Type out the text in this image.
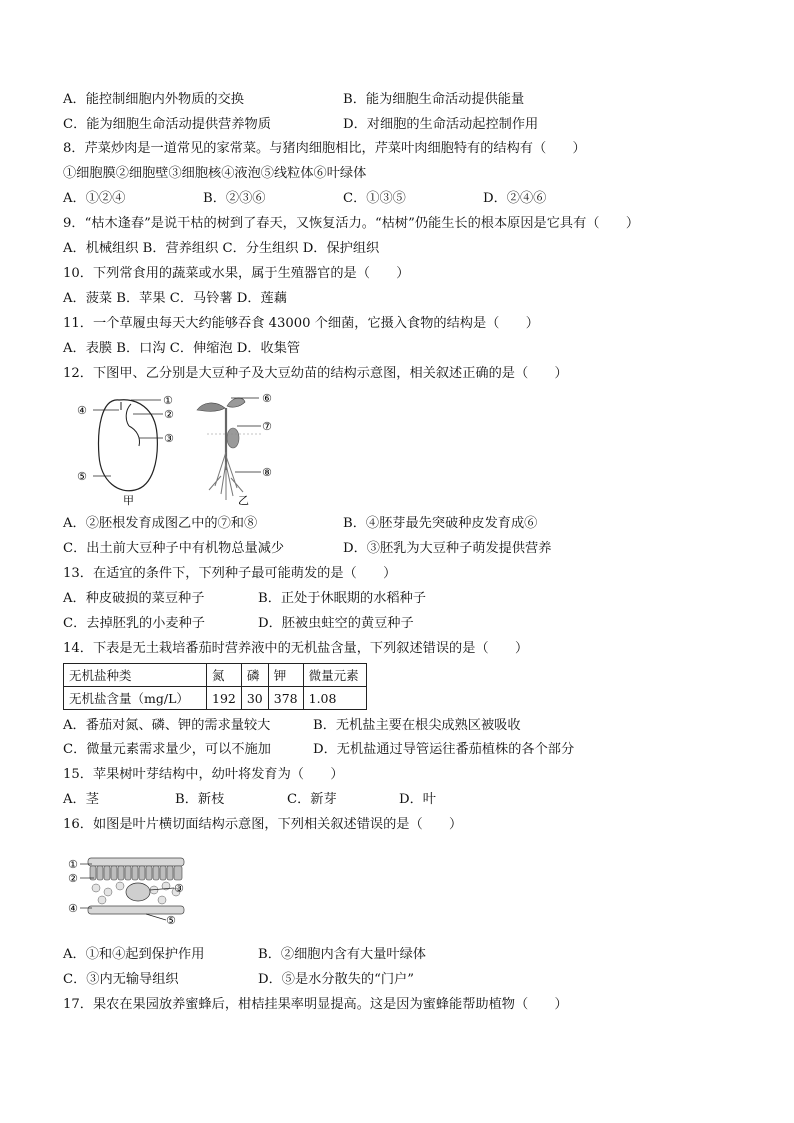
A．能控制细胞内外物质的交换	B．能为细胞生命活动提供能量
C．能为细胞生命活动提供营养物质	D．对细胞的生命活动起控制作用
8．芹菜炒肉是一道常见的家常菜。与猪肉细胞相比，芹菜叶肉细胞特有的结构有（　　）
①细胞膜②细胞壁③细胞核④液泡⑤线粒体⑥叶绿体
A．①②④	B．②③⑥	C．①③⑤	D．②④⑥
9．“枯木逢春”是说干枯的树到了春天，又恢复活力。“枯树”仍能生长的根本原因是它具有（　　）
A．机械组织 B．营养组织 C．分生组织 D．保护组织
10．下列常食用的蔬菜或水果，属于生殖器官的是（　　）
A．菠菜 B．苹果 C．马铃薯 D．莲藕
11．一个草履虫每天大约能够吞食 43000 个细菌，它摄入食物的结构是（　　）
A．表膜 B．口沟 C．伸缩泡 D．收集管
12．下图甲、乙分别是大豆种子及大豆幼苗的结构示意图，相关叙述正确的是（　　）
④
①
②
③
⑤
甲
⑥
⑦
⑧
乙
A．②胚根发育成图乙中的⑦和⑧	B．④胚芽最先突破种皮发育成⑥
C．出土前大豆种子中有机物总量减少	D．③胚乳为大豆种子萌发提供营养
13．在适宜的条件下，下列种子最可能萌发的是（　　）
A．种皮破损的菜豆种子	B．正处于休眠期的水稻种子
C．去掉胚乳的小麦种子	D．胚被虫蛀空的黄豆种子
14．下表是无土栽培番茄时营养液中的无机盐含量，下列叙述错误的是（　　）
无机盐种类	氮	磷	钾	微量元素
无机盐含量（mg/L）	192	30	378	1.08
A．番茄对氮、磷、钾的需求量较大	B．无机盐主要在根尖成熟区被吸收
C．微量元素需求量少，可以不施加	D．无机盐通过导管运往番茄植株的各个部分
15．苹果树叶芽结构中，幼叶将发育为（　　）
A．茎	B．新枝	C．新芽	D．叶
16．如图是叶片横切面结构示意图，下列相关叙述错误的是（　　）
①
②
③
④
⑤
A．①和④起到保护作用	B．②细胞内含有大量叶绿体
C．③内无输导组织	D．⑤是水分散失的“门户”
17．果农在果园放养蜜蜂后，柑桔挂果率明显提高。这是因为蜜蜂能帮助植物（　　）
